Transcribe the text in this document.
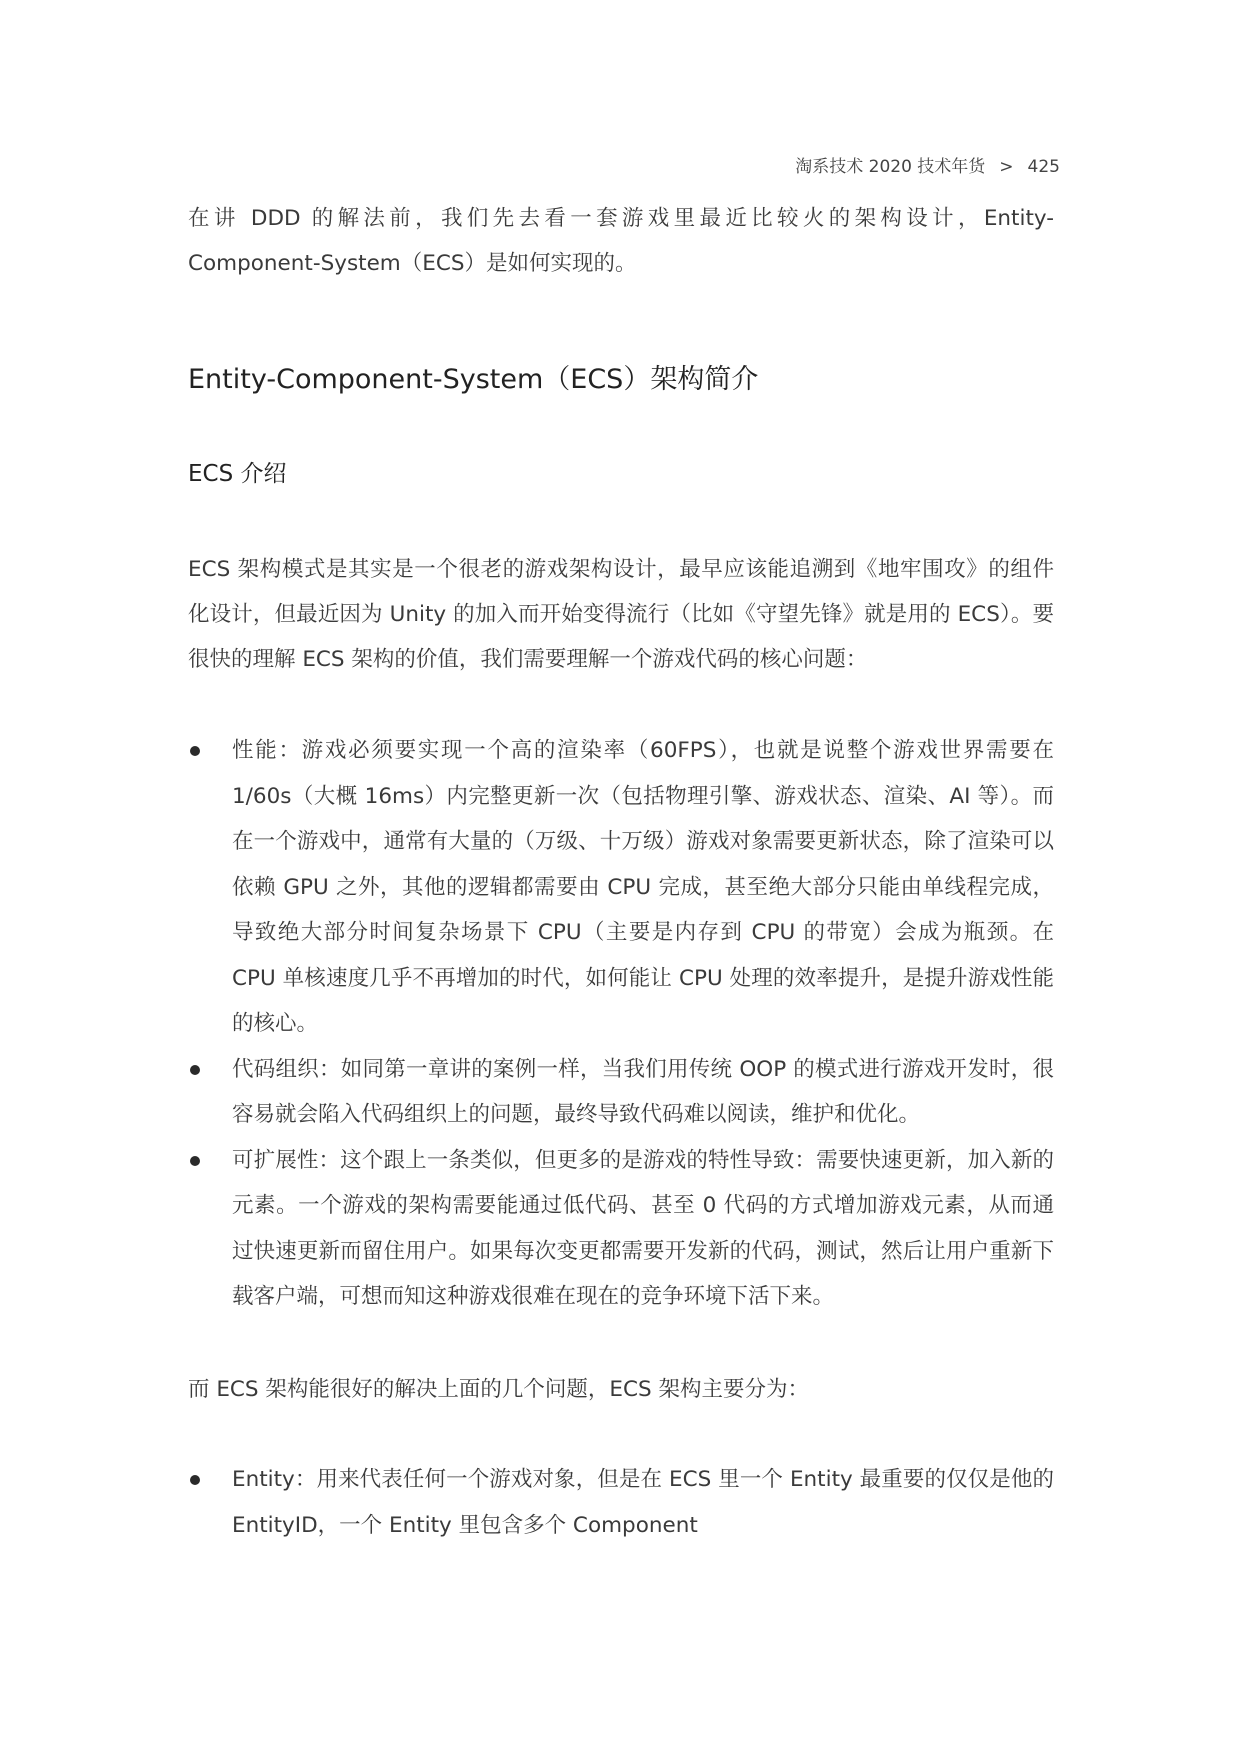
淘系技术 2020 技术年货 > 425

在讲 DDD 的解法前，我们先去看一套游戏里最近比较火的架构设计，Entity-Component-System（ECS）是如何实现的。

Entity-Component-System（ECS）架构简介
ECS 介绍

ECS 架构模式是其实是一个很老的游戏架构设计，最早应该能追溯到《地牢围攻》的组件化设计，但最近因为 Unity 的加入而开始变得流行（比如《守望先锋》就是用的 ECS）。要很快的理解 ECS 架构的价值，我们需要理解一个游戏代码的核心问题：

性能：游戏必须要实现一个高的渲染率（60FPS），也就是说整个游戏世界需要在 1/60s（大概 16ms）内完整更新一次（包括物理引擎、游戏状态、渲染、AI 等）。而在一个游戏中，通常有大量的（万级、十万级）游戏对象需要更新状态，除了渲染可以依赖 GPU 之外，其他的逻辑都需要由 CPU 完成，甚至绝大部分只能由单线程完成，导致绝大部分时间复杂场景下 CPU（主要是内存到 CPU 的带宽）会成为瓶颈。在 CPU 单核速度几乎不再增加的时代，如何能让 CPU 处理的效率提升，是提升游戏性能的核心。
代码组织：如同第一章讲的案例一样，当我们用传统 OOP 的模式进行游戏开发时，很容易就会陷入代码组织上的问题，最终导致代码难以阅读，维护和优化。
可扩展性：这个跟上一条类似，但更多的是游戏的特性导致：需要快速更新，加入新的元素。一个游戏的架构需要能通过低代码、甚至 0 代码的方式增加游戏元素，从而通过快速更新而留住用户。如果每次变更都需要开发新的代码，测试，然后让用户重新下载客户端，可想而知这种游戏很难在现在的竞争环境下活下来。

而 ECS 架构能很好的解决上面的几个问题，ECS 架构主要分为：

Entity：用来代表任何一个游戏对象，但是在 ECS 里一个 Entity 最重要的仅仅是他的 EntityID，一个 Entity 里包含多个 Component
